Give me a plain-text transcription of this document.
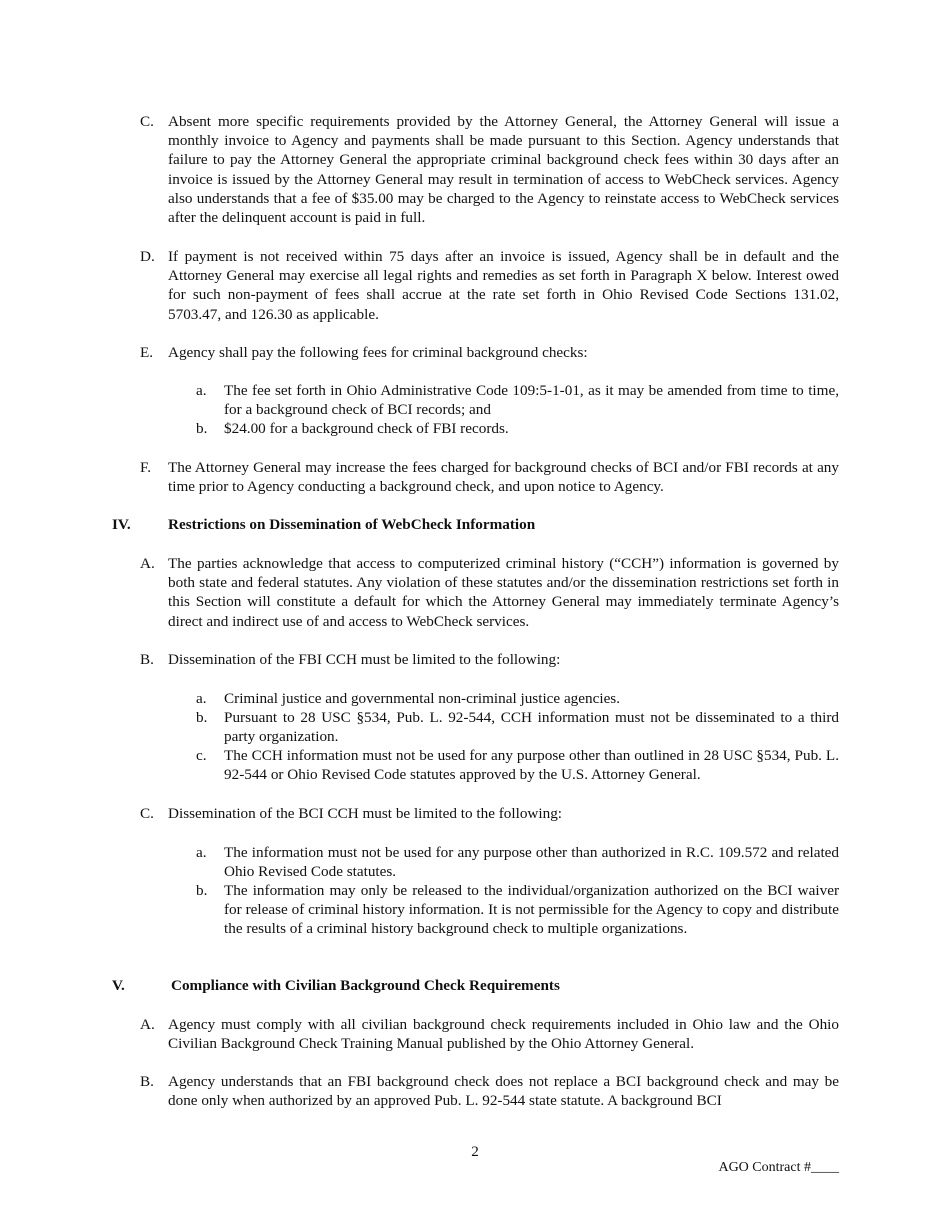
C. Absent more specific requirements provided by the Attorney General, the Attorney General will issue a monthly invoice to Agency and payments shall be made pursuant to this Section. Agency understands that failure to pay the Attorney General the appropriate criminal background check fees within 30 days after an invoice is issued by the Attorney General may result in termination of access to WebCheck services. Agency also understands that a fee of $35.00 may be charged to the Agency to reinstate access to WebCheck services after the delinquent account is paid in full.
D. If payment is not received within 75 days after an invoice is issued, Agency shall be in default and the Attorney General may exercise all legal rights and remedies as set forth in Paragraph X below. Interest owed for such non-payment of fees shall accrue at the rate set forth in Ohio Revised Code Sections 131.02, 5703.47, and 126.30 as applicable.
E. Agency shall pay the following fees for criminal background checks:
a. The fee set forth in Ohio Administrative Code 109:5-1-01, as it may be amended from time to time, for a background check of BCI records; and
b. $24.00 for a background check of FBI records.
F. The Attorney General may increase the fees charged for background checks of BCI and/or FBI records at any time prior to Agency conducting a background check, and upon notice to Agency.
IV. Restrictions on Dissemination of WebCheck Information
A. The parties acknowledge that access to computerized criminal history (“CCH”) information is governed by both state and federal statutes. Any violation of these statutes and/or the dissemination restrictions set forth in this Section will constitute a default for which the Attorney General may immediately terminate Agency’s direct and indirect use of and access to WebCheck services.
B. Dissemination of the FBI CCH must be limited to the following:
a. Criminal justice and governmental non-criminal justice agencies.
b. Pursuant to 28 USC §534, Pub. L. 92-544, CCH information must not be disseminated to a third party organization.
c. The CCH information must not be used for any purpose other than outlined in 28 USC §534, Pub. L. 92-544 or Ohio Revised Code statutes approved by the U.S. Attorney General.
C. Dissemination of the BCI CCH must be limited to the following:
a. The information must not be used for any purpose other than authorized in R.C. 109.572 and related Ohio Revised Code statutes.
b. The information may only be released to the individual/organization authorized on the BCI waiver for release of criminal history information. It is not permissible for the Agency to copy and distribute the results of a criminal history background check to multiple organizations.
V.	Compliance with Civilian Background Check Requirements
A. Agency must comply with all civilian background check requirements included in Ohio law and the Ohio Civilian Background Check Training Manual published by the Ohio Attorney General.
B. Agency understands that an FBI background check does not replace a BCI background check and may be done only when authorized by an approved Pub. L. 92-544 state statute. A background BCI
2
AGO Contract #____
